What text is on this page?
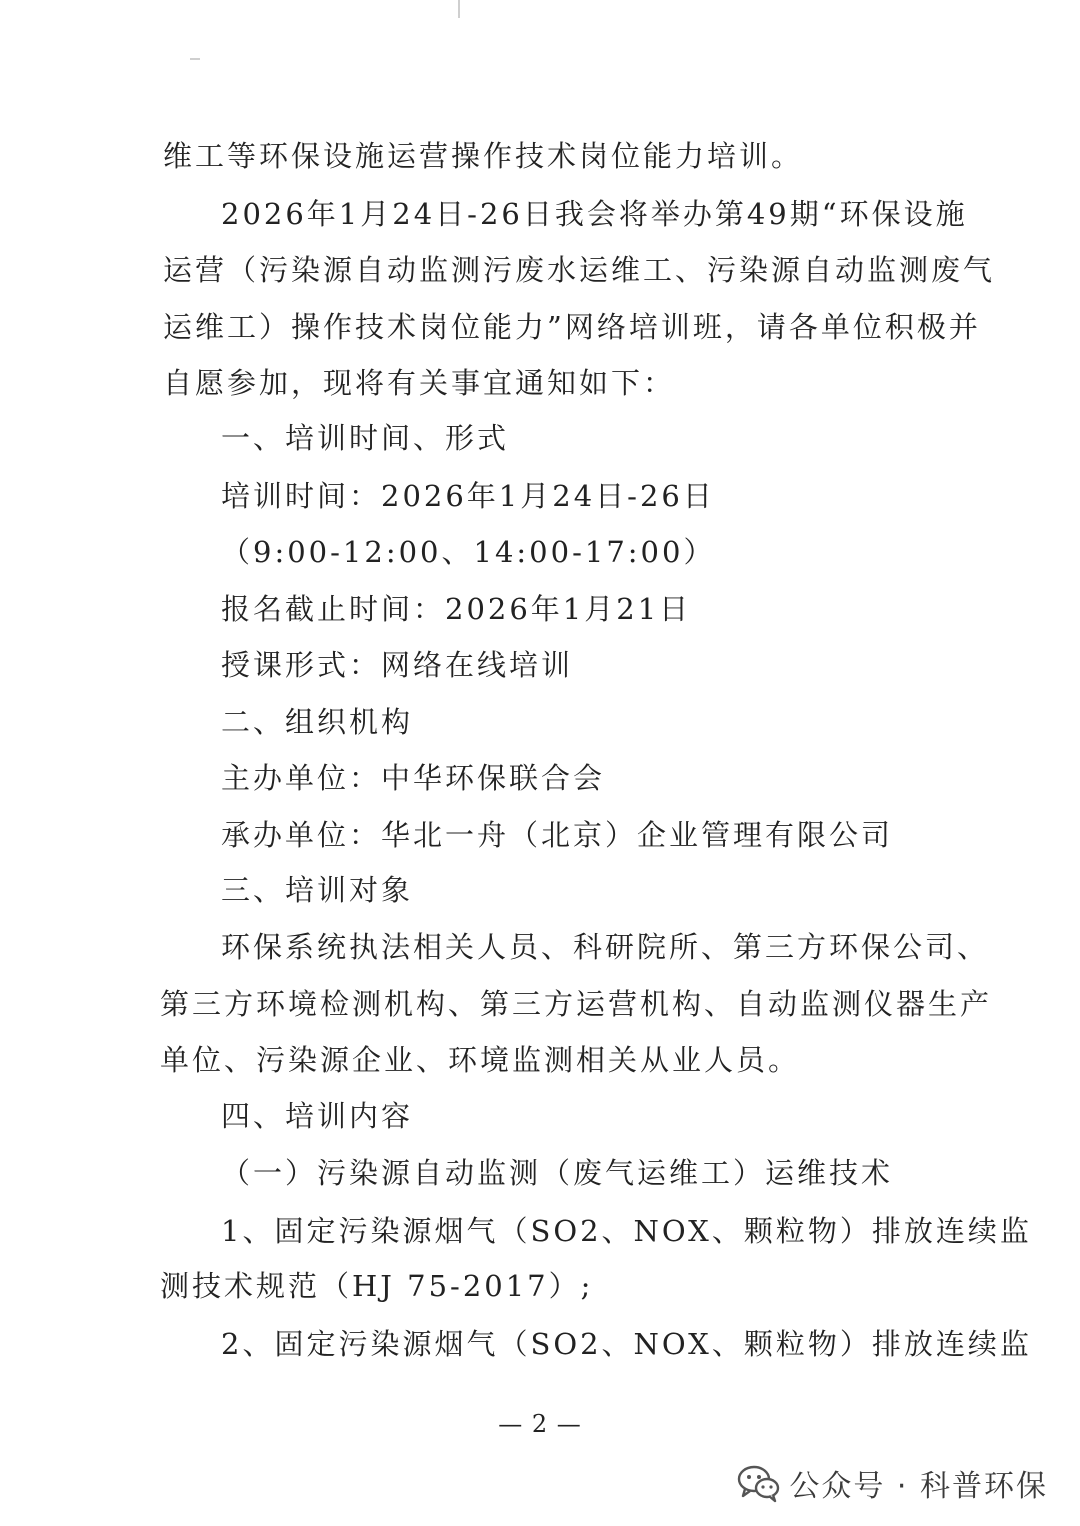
维工等环保设施运营操作技术岗位能力培训。
2026年1月24日-26日我会将举办第49期“环保设施
运营（污染源自动监测污废水运维工、污染源自动监测废气
运维工）操作技术岗位能力”网络培训班，请各单位积极并
自愿参加，现将有关事宜通知如下：
一、培训时间、形式
培训时间：2026年1月24日-26日
（9:00-12:00、14:00-17:00）
报名截止时间：2026年1月21日
授课形式：网络在线培训
二、组织机构
主办单位：中华环保联合会
承办单位：华北一舟（北京）企业管理有限公司
三、培训对象
环保系统执法相关人员、科研院所、第三方环保公司、
第三方环境检测机构、第三方运营机构、自动监测仪器生产
单位、污染源企业、环境监测相关从业人员。
四、培训内容
（一）污染源自动监测（废气运维工）运维技术
1、固定污染源烟气（SO2、NOX、颗粒物）排放连续监
测技术规范（HJ 75-2017）;
2、固定污染源烟气（SO2、NOX、颗粒物）排放连续监
— 2 —
公众号 · 科普环保
